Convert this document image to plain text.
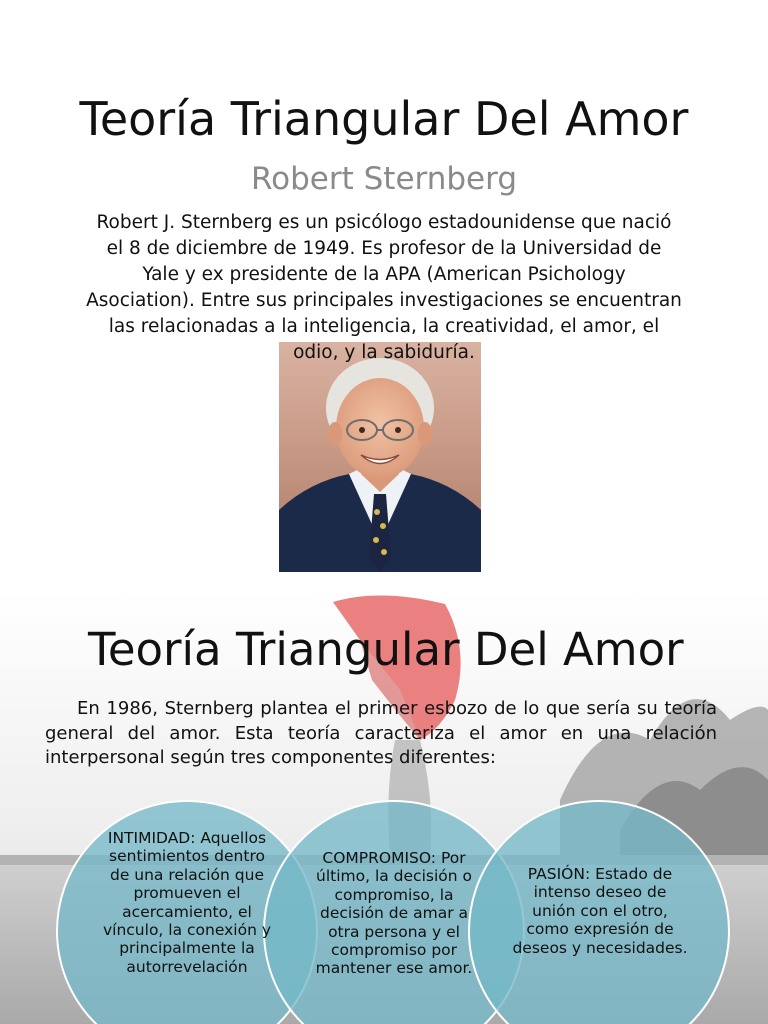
Teoría Triangular Del Amor
Robert Sternberg
Robert J. Sternberg es un psicólogo estadounidense que nació el 8 de diciembre de 1949. Es profesor de la Universidad de Yale y ex presidente de la APA (American Psichology Asociation). Entre sus principales investigaciones se encuentran las relacionadas a la inteligencia, la creatividad, el amor, el odio, y la sabiduría.
Teoría Triangular Del Amor
En 1986, Sternberg plantea el primer esbozo de lo que sería su teoría general del amor. Esta teoría caracteriza el amor en una relación interpersonal según tres componentes diferentes:
INTIMIDAD: Aquellos sentimientos dentro de una relación que promueven el acercamiento, el vínculo, la conexión y principalmente la autorrevelación
COMPROMISO: Por último, la decisión o compromiso, la decisión de amar a otra persona y el compromiso por mantener ese amor.
PASIÓN: Estado de intenso deseo de unión con el otro, como expresión de deseos y necesidades.
